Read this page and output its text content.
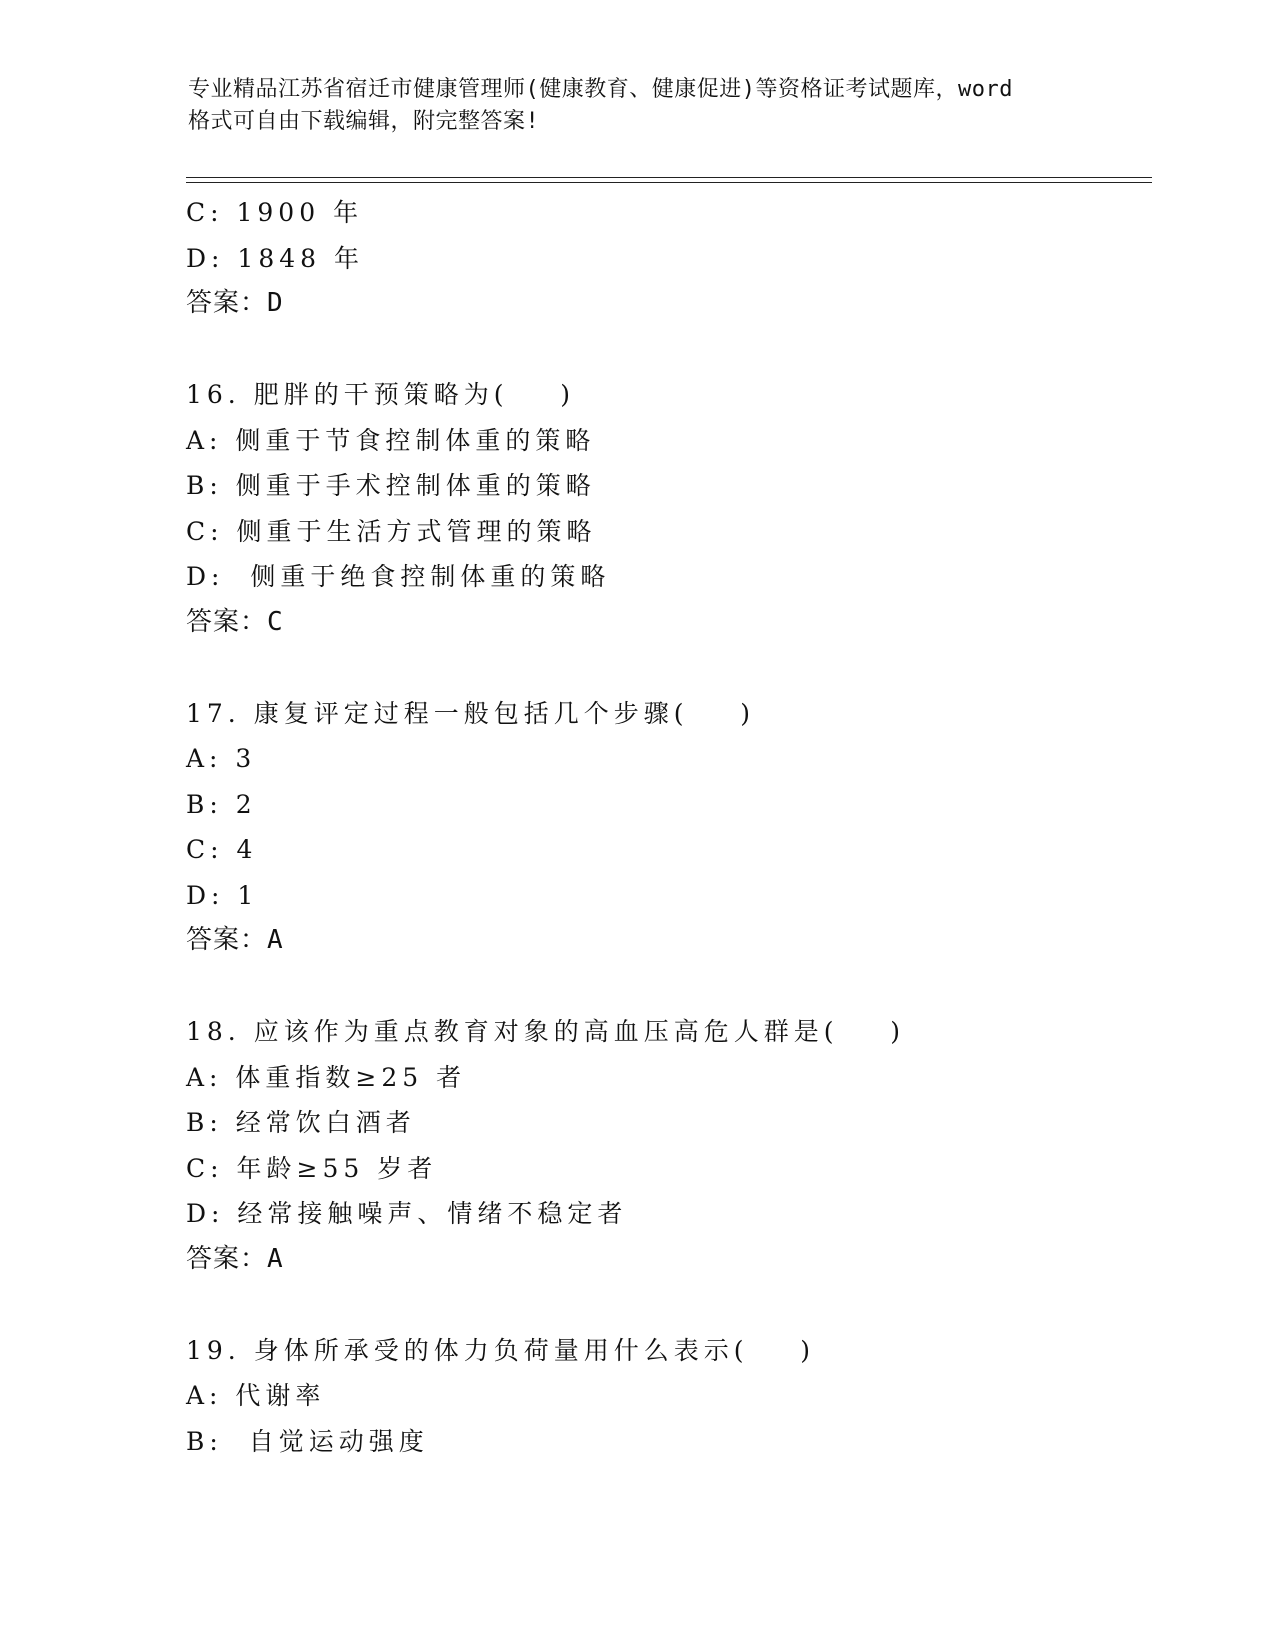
专业精品江苏省宿迁市健康管理师(健康教育、健康促进)等资格证考试题库，word
格式可自由下载编辑，附完整答案!
C: 1900 年
D: 1848 年
答案：D
16. 肥胖的干预策略为(    )
A: 侧重于节食控制体重的策略
B: 侧重于手术控制体重的策略
C: 侧重于生活方式管理的策略
D:  侧重于绝食控制体重的策略
答案：C
17. 康复评定过程一般包括几个步骤(    )
A: 3
B: 2
C: 4
D: 1
答案：A
18. 应该作为重点教育对象的高血压高危人群是(    )
A: 体重指数≥25 者
B: 经常饮白酒者
C: 年龄≥55 岁者
D: 经常接触噪声、情绪不稳定者
答案：A
19. 身体所承受的体力负荷量用什么表示(    )
A: 代谢率
B:  自觉运动强度
